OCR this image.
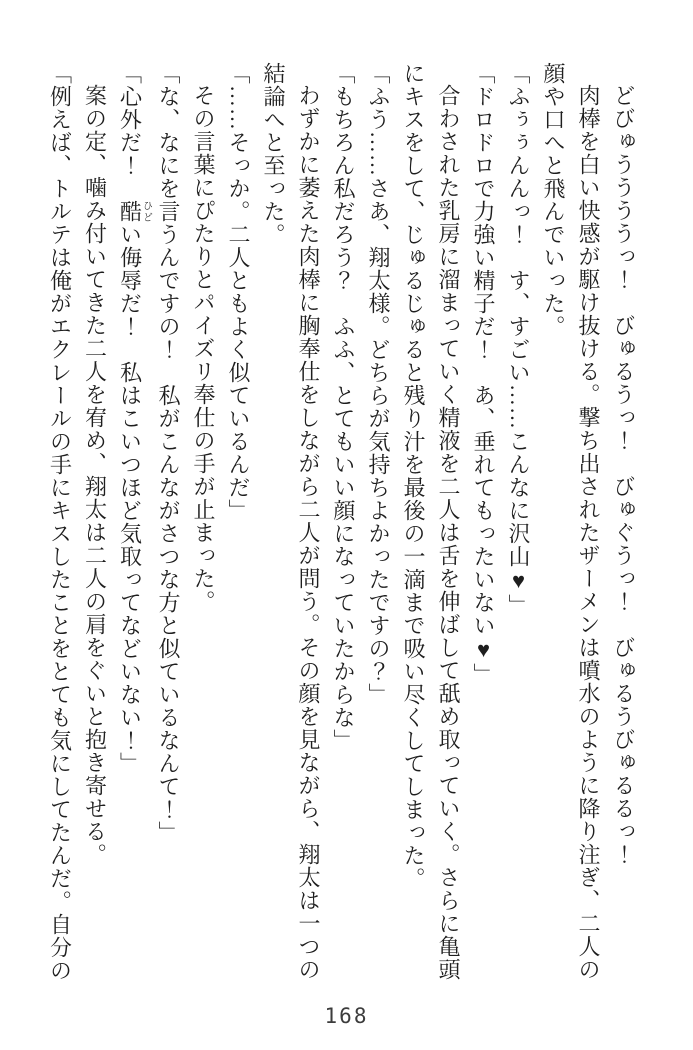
どびゅううううっ！　びゅるうっ！　びゅぐうっ！　びゅるうびゅるるっ！

肉棒を白い快感が駆け抜ける。撃ち出されたザーメンは噴水のように降り注ぎ、二人の顔や口へと飛んでいった。

「ふぅぅんんっ！　す、すごい……こんなに沢山♥」

「ドロドロで力強い精子だ！　あ、垂れてもったいない♥」

合わされた乳房に溜まっていく精液を二人は舌を伸ばして舐め取っていく。さらに亀頭にキスをして、じゅるじゅると残り汁を最後の一滴まで吸い尽くしてしまった。

「ふう……さあ、翔太様。どちらが気持ちよかったですの？」

「もちろん私だろう？　ふふ、とてもいい顔になっていたからな」

わずかに萎えた肉棒に胸奉仕をしながら二人が問う。その顔を見ながら、翔太は一つの結論へと至った。

「……そっか。二人ともよく似ているんだ」

その言葉にぴたりとパイズリ奉仕の手が止まった。

「な、なにを言うんですの！　私がこんながさつな方と似ているなんて！」

「心外だ！　酷ひどい侮辱だ！　私はこいつほど気取ってなどいない！」

案の定、噛み付いてきた二人を宥め、翔太は二人の肩をぐいと抱き寄せる。

「例えば、トルテは俺がエクレールの手にキスしたことをとても気にしてたんだ。自分の

168
